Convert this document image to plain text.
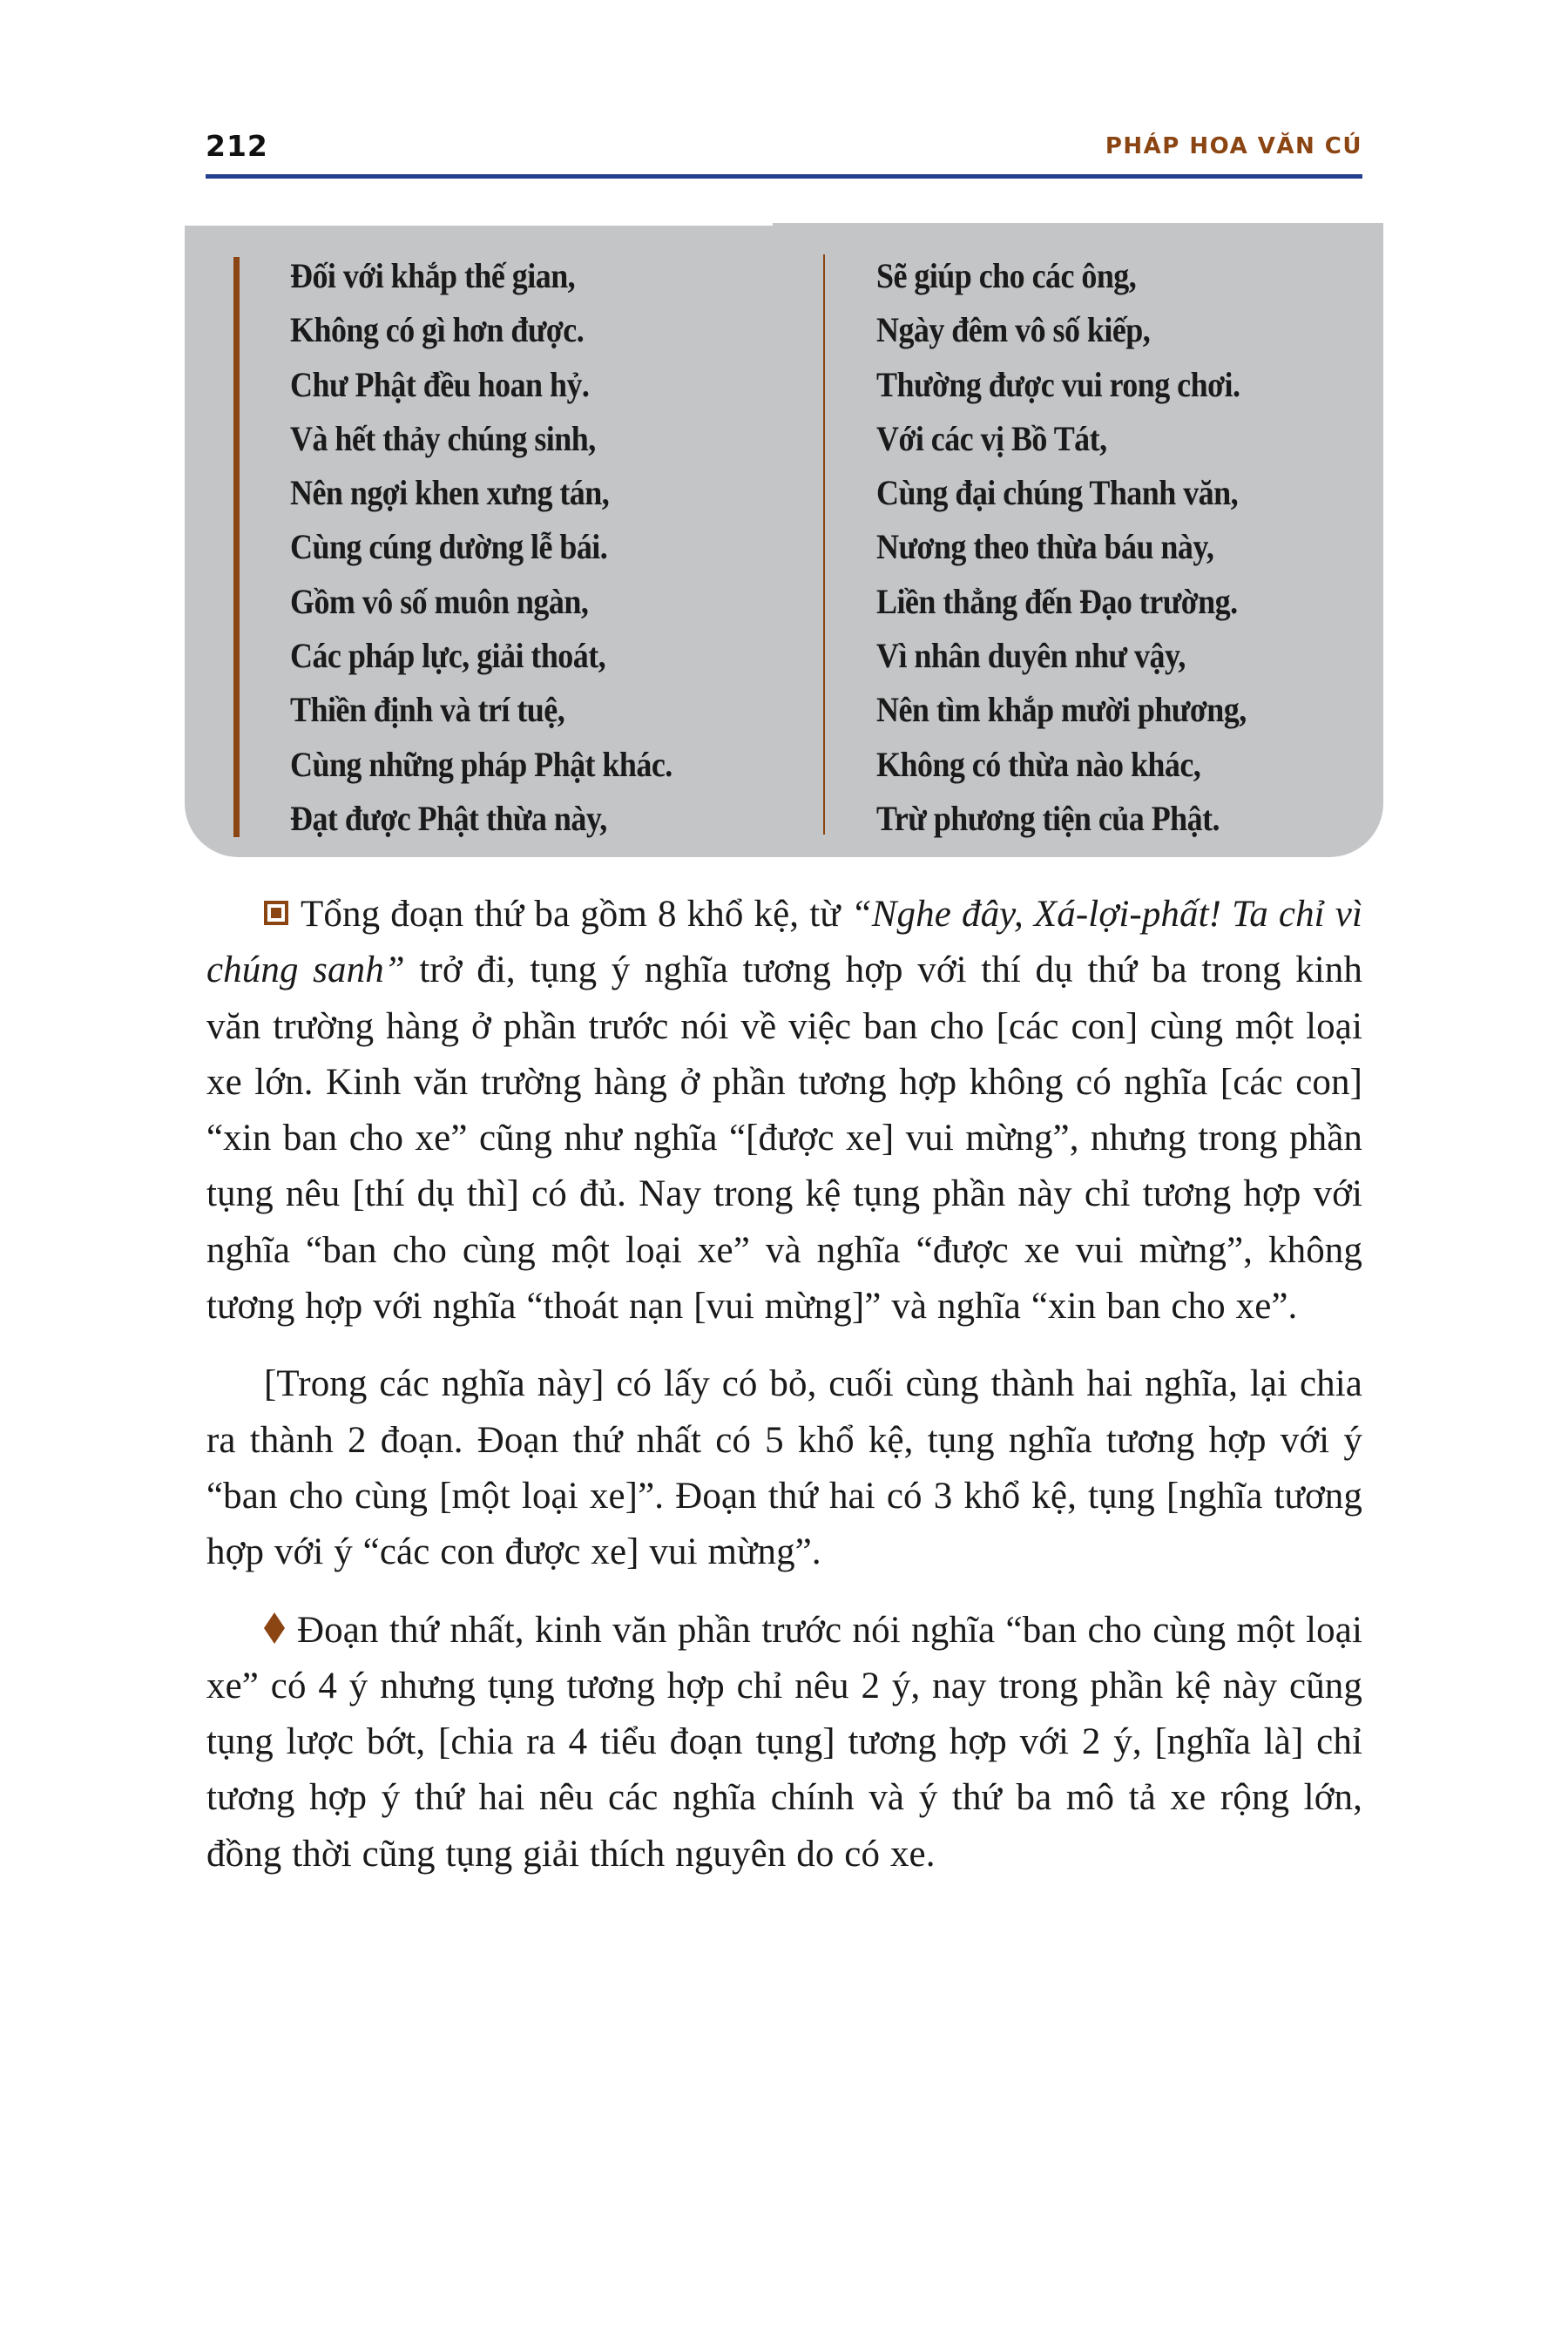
212	PHÁP HOA VĂN CÚ
Đối với khắp thế gian,
Không có gì hơn được.
Chư Phật đều hoan hỷ.
Và hết thảy chúng sinh,
Nên ngợi khen xưng tán,
Cùng cúng dường lễ bái.
Gồm vô số muôn ngàn,
Các pháp lực, giải thoát,
Thiền định và trí tuệ,
Cùng những pháp Phật khác.
Đạt được Phật thừa này,
Sẽ giúp cho các ông,
Ngày đêm vô số kiếp,
Thường được vui rong chơi.
Với các vị Bồ Tát,
Cùng đại chúng Thanh văn,
Nương theo thừa báu này,
Liền thẳng đến Đạo trường.
Vì nhân duyên như vậy,
Nên tìm khắp mười phương,
Không có thừa nào khác,
Trừ phương tiện của Phật.

Tổng đoạn thứ ba gồm 8 khổ kệ, từ “Nghe đây, Xá-lợi-phất! Ta chỉ vì chúng sanh” trở đi, tụng ý nghĩa tương hợp với thí dụ thứ ba trong kinh văn trường hàng ở phần trước nói về việc ban cho [các con] cùng một loại xe lớn. Kinh văn trường hàng ở phần tương hợp không có nghĩa [các con] “xin ban cho xe” cũng như nghĩa “[được xe] vui mừng”, nhưng trong phần tụng nêu [thí dụ thì] có đủ. Nay trong kệ tụng phần này chỉ tương hợp với nghĩa “ban cho cùng một loại xe” và nghĩa “được xe vui mừng”, không tương hợp với nghĩa “thoát nạn [vui mừng]” và nghĩa “xin ban cho xe”.

[Trong các nghĩa này] có lấy có bỏ, cuối cùng thành hai nghĩa, lại chia ra thành 2 đoạn. Đoạn thứ nhất có 5 khổ kệ, tụng nghĩa tương hợp với ý “ban cho cùng [một loại xe]”. Đoạn thứ hai có 3 khổ kệ, tụng [nghĩa tương hợp với ý “các con được xe] vui mừng”.

Đoạn thứ nhất, kinh văn phần trước nói nghĩa “ban cho cùng một loại xe” có 4 ý nhưng tụng tương hợp chỉ nêu 2 ý, nay trong phần kệ này cũng tụng lược bớt, [chia ra 4 tiểu đoạn tụng] tương hợp với 2 ý, [nghĩa là] chỉ tương hợp ý thứ hai nêu các nghĩa chính và ý thứ ba mô tả xe rộng lớn, đồng thời cũng tụng giải thích nguyên do có xe.
